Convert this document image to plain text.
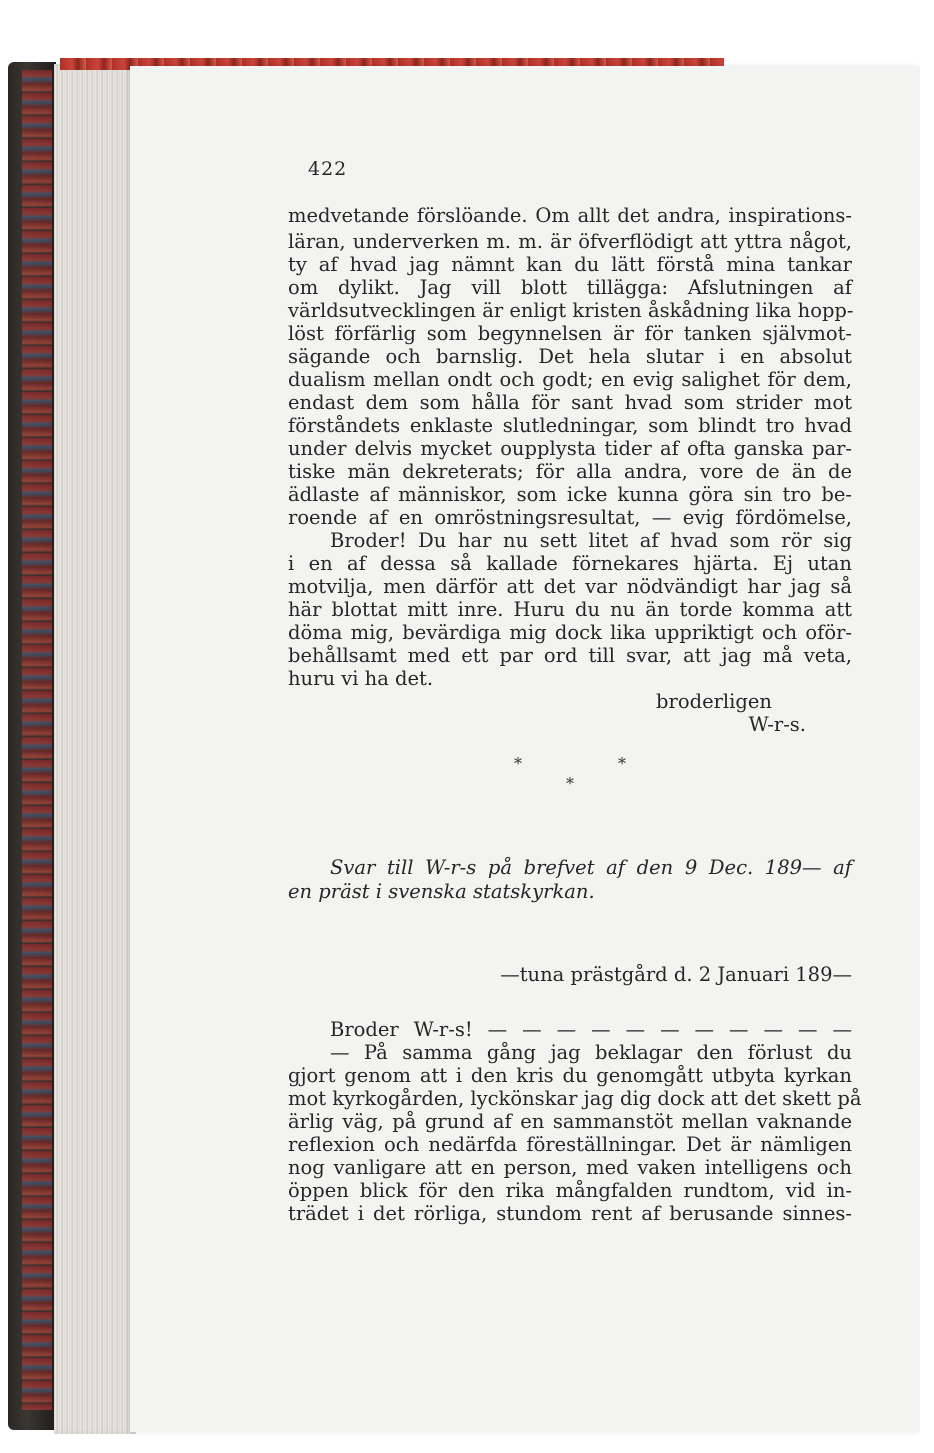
422
medvetande förslöande. Om allt det andra, inspirations-
läran, underverken m. m. är öfverflödigt att yttra något,
ty af hvad jag nämnt kan du lätt förstå mina tankar
om dylikt. Jag vill blott tillägga: Afslutningen af
världsutvecklingen är enligt kristen åskådning lika hopp-
löst förfärlig som begynnelsen är för tanken självmot-
sägande och barnslig. Det hela slutar i en absolut
dualism mellan ondt och godt; en evig salighet för dem,
endast dem som hålla för sant hvad som strider mot
förståndets enklaste slutledningar, som blindt tro hvad
under delvis mycket oupplysta tider af ofta ganska par-
tiske män dekreterats; för alla andra, vore de än de
ädlaste af människor, som icke kunna göra sin tro be-
roende af en omröstningsresultat, — evig fördömelse,
Broder! Du har nu sett litet af hvad som rör sig
i en af dessa så kallade förnekares hjärta. Ej utan
motvilja, men därför att det var nödvändigt har jag så
här blottat mitt inre. Huru du nu än torde komma att
döma mig, bevärdiga mig dock lika uppriktigt och oför-
behållsamt med ett par ord till svar, att jag må veta,
huru vi ha det.
broderligen
W-r-s.
*	*
*
Svar till W-r-s på brefvet af den 9 Dec. 189— af
en präst i svenska statskyrkan.
—tuna prästgård d. 2 Januari 189—
Broder W-r-s! — — — — — — — — — — —
— På samma gång jag beklagar den förlust du
gjort genom att i den kris du genomgått utbyta kyrkan
mot kyrkogården, lyckönskar jag dig dock att det skett på
ärlig väg, på grund af en sammanstöt mellan vaknande
reflexion och nedärfda föreställningar. Det är nämligen
nog vanligare att en person, med vaken intelligens och
öppen blick för den rika mångfalden rundtom, vid in-
trädet i det rörliga, stundom rent af berusande sinnes-
